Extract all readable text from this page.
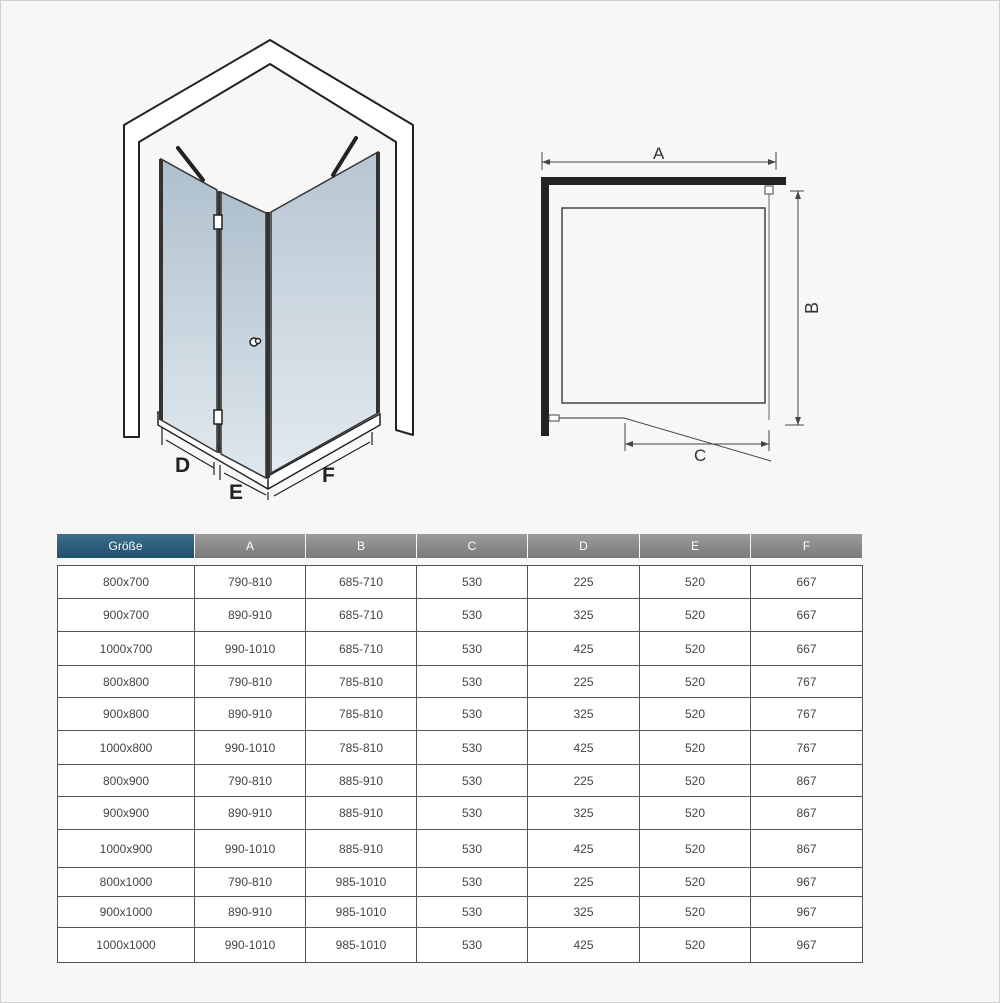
D
E
F
A
B
C
Größe	A	B	C	D	E	F

800x700	790-810	685-710	530	225	520	667
900x700	890-910	685-710	530	325	520	667
1000x700	990-1010	685-710	530	425	520	667
800x800	790-810	785-810	530	225	520	767
900x800	890-910	785-810	530	325	520	767
1000x800	990-1010	785-810	530	425	520	767
800x900	790-810	885-910	530	225	520	867
900x900	890-910	885-910	530	325	520	867
1000x900	990-1010	885-910	530	425	520	867
800x1000	790-810	985-1010	530	225	520	967
900x1000	890-910	985-1010	530	325	520	967
1000x1000	990-1010	985-1010	530	425	520	967
